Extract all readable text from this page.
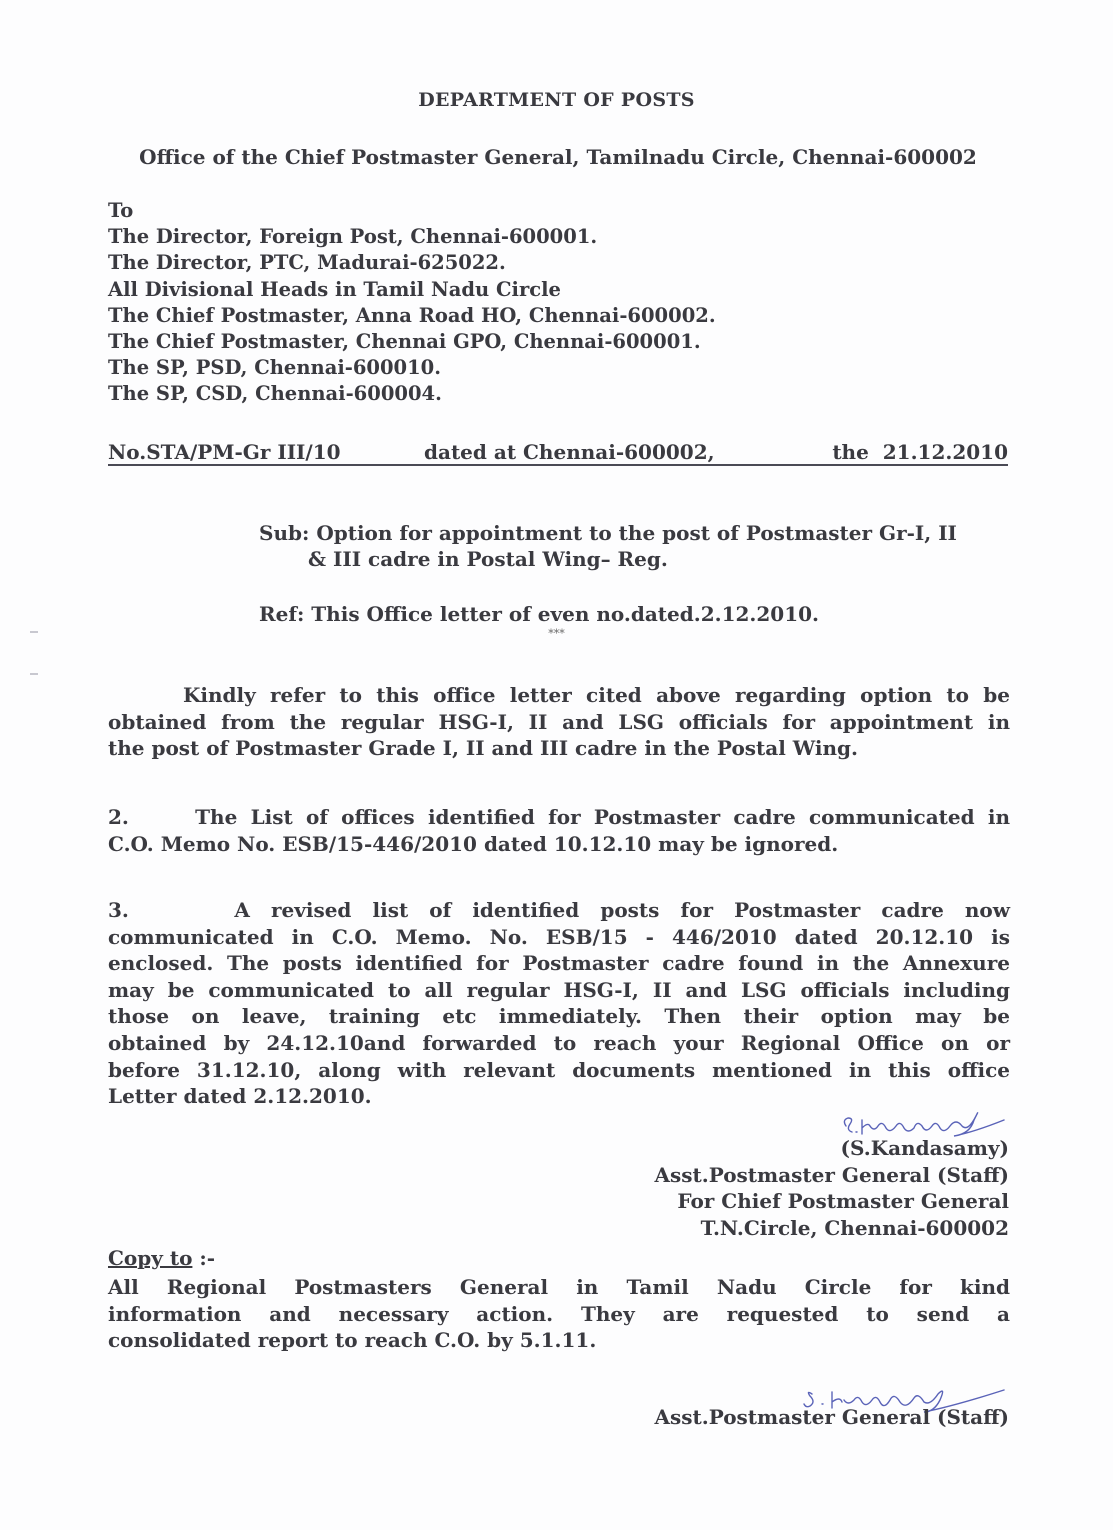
DEPARTMENT OF POSTS
Office of the Chief Postmaster General, Tamilnadu Circle, Chennai-600002
To
The Director, Foreign Post, Chennai-600001.
The Director, PTC, Madurai-625022.
All Divisional Heads in Tamil Nadu Circle
The Chief Postmaster, Anna Road HO, Chennai-600002.
The Chief Postmaster, Chennai GPO, Chennai-600001.
The SP, PSD, Chennai-600010.
The SP, CSD, Chennai-600004.
No.STA/PM-Gr III/10	dated at Chennai-600002,	the  21.12.2010
Sub: Option for appointment to the post of Postmaster Gr-I, II
& III cadre in Postal Wing– Reg.
Ref: This Office letter of even no.dated.2.12.2010.
***
Kindly refer to this office letter cited above regarding option to be
obtained from the regular HSG-I, II and LSG officials for appointment in
the post of Postmaster Grade I, II and III cadre in the Postal Wing.
2.     The List of offices identified for Postmaster cadre communicated in
C.O. Memo No. ESB/15-446/2010 dated 10.12.10 may be ignored.
3.     A revised list of identified posts for Postmaster cadre now
communicated in C.O. Memo. No. ESB/15 - 446/2010 dated 20.12.10 is
enclosed. The posts identified for Postmaster cadre found in the Annexure
may be communicated to all regular HSG-I, II and LSG officials including
those on leave, training etc immediately. Then their option may be
obtained by 24.12.10and forwarded to reach your Regional Office on or
before 31.12.10, along with relevant documents mentioned in this office
Letter dated 2.12.2010.
(S.Kandasamy)
Asst.Postmaster General (Staff)
For Chief Postmaster General
T.N.Circle, Chennai-600002
Copy to :-
All Regional Postmasters General in Tamil Nadu Circle for kind
information and necessary action. They are requested to send a
consolidated report to reach C.O. by 5.1.11.
Asst.Postmaster General (Staff)
